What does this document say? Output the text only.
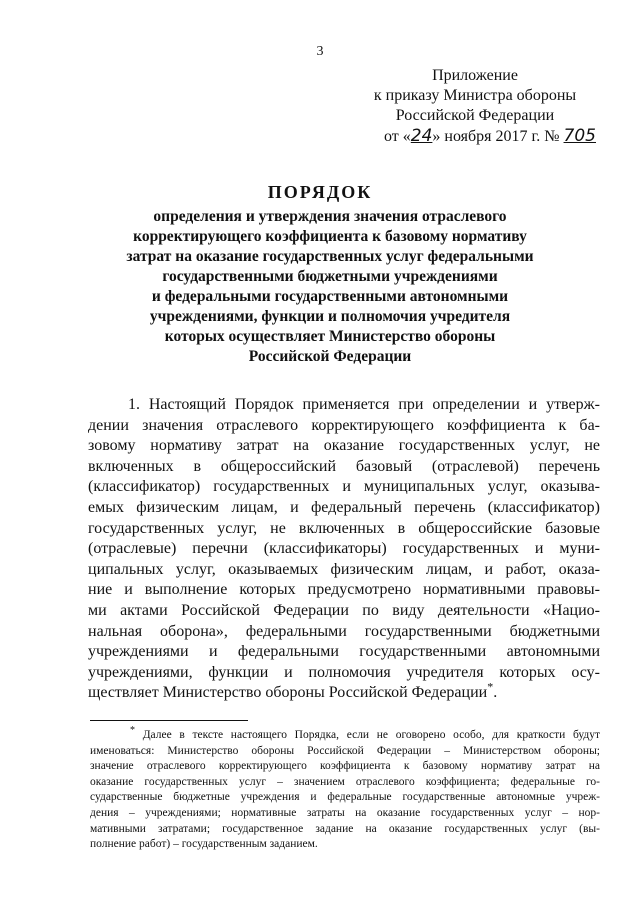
3
Приложение
к приказу Министра обороны
Российской Федерации
от «24» ноября 2017 г. № 705
ПОРЯДОК
определения и утверждения значения отраслевого
корректирующего коэффициента к базовому нормативу
затрат на оказание государственных услуг федеральными
государственными бюджетными учреждениями
и федеральными государственными автономными
учреждениями, функции и полномочия учредителя
которых осуществляет Министерство обороны
Российской Федерации
1. Настоящий Порядок применяется при определении и утверж-
дении значения отраслевого корректирующего коэффициента к ба-
зовому нормативу затрат на оказание государственных услуг, не
включенных в общероссийский базовый (отраслевой) перечень
(классификатор) государственных и муниципальных услуг, оказыва-
емых физическим лицам, и федеральный перечень (классификатор)
государственных услуг, не включенных в общероссийские базовые
(отраслевые) перечни (классификаторы) государственных и муни-
ципальных услуг, оказываемых физическим лицам, и работ, оказа-
ние и выполнение которых предусмотрено нормативными правовы-
ми актами Российской Федерации по виду деятельности «Нацио-
нальная оборона», федеральными государственными бюджетными
учреждениями и федеральными государственными автономными
учреждениями, функции и полномочия учредителя которых осу-
ществляет Министерство обороны Российской Федерации*.
* Далее в тексте настоящего Порядка, если не оговорено особо, для краткости будут
именоваться: Министерство обороны Российской Федерации – Министерством обороны;
значение отраслевого корректирующего коэффициента к базовому нормативу затрат на
оказание государственных услуг – значением отраслевого коэффициента; федеральные го-
сударственные бюджетные учреждения и федеральные государственные автономные учреж-
дения – учреждениями; нормативные затраты на оказание государственных услуг – нор-
мативными затратами; государственное задание на оказание государственных услуг (вы-
полнение работ) – государственным заданием.
